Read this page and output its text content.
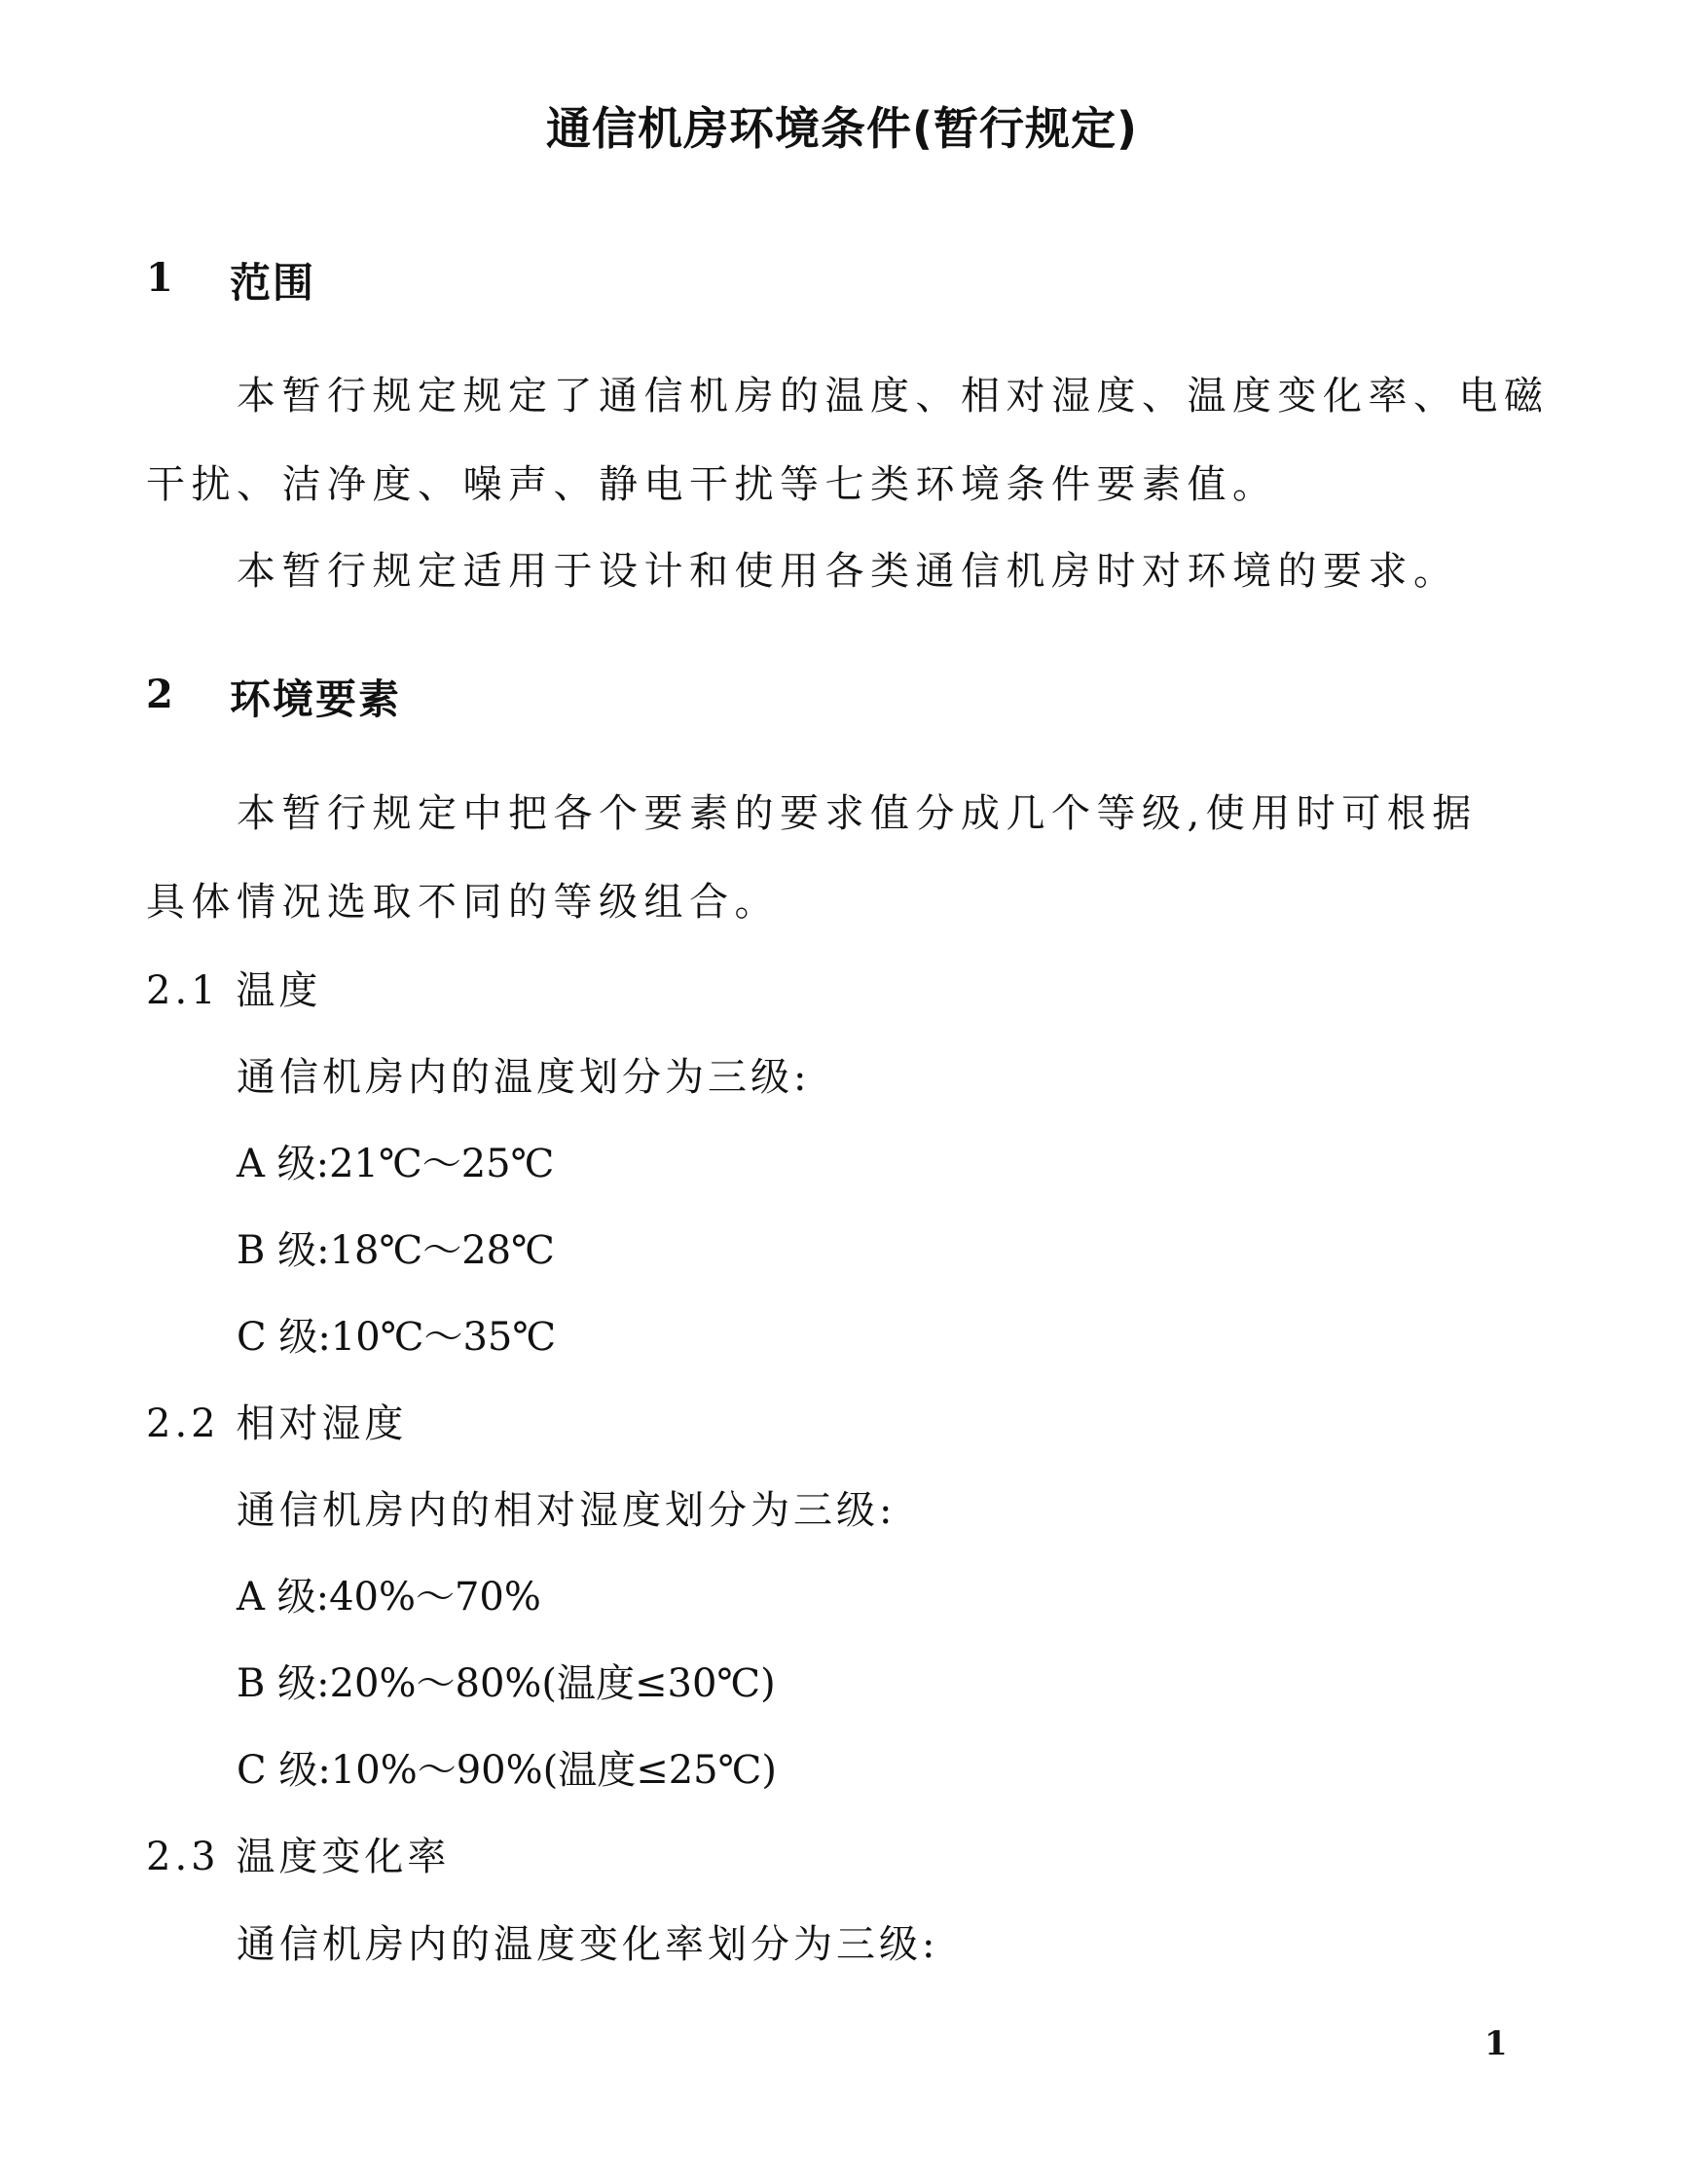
通信机房环境条件(暂行规定)
1 范围
本暂行规定规定了通信机房的温度、相对湿度、温度变化率、电磁
干扰、洁净度、噪声、静电干扰等七类环境条件要素值。
本暂行规定适用于设计和使用各类通信机房时对环境的要求。
2 环境要素
本暂行规定中把各个要素的要求值分成几个等级,使用时可根据
具体情况选取不同的等级组合。
2.1 温度
通信机房内的温度划分为三级:
A 级:21℃～25℃
B 级:18℃～28℃
C 级:10℃～35℃
2.2 相对湿度
通信机房内的相对湿度划分为三级:
A 级:40%～70%
B 级:20%～80%(温度≤30℃)
C 级:10%～90%(温度≤25℃)
2.3 温度变化率
通信机房内的温度变化率划分为三级:
1
